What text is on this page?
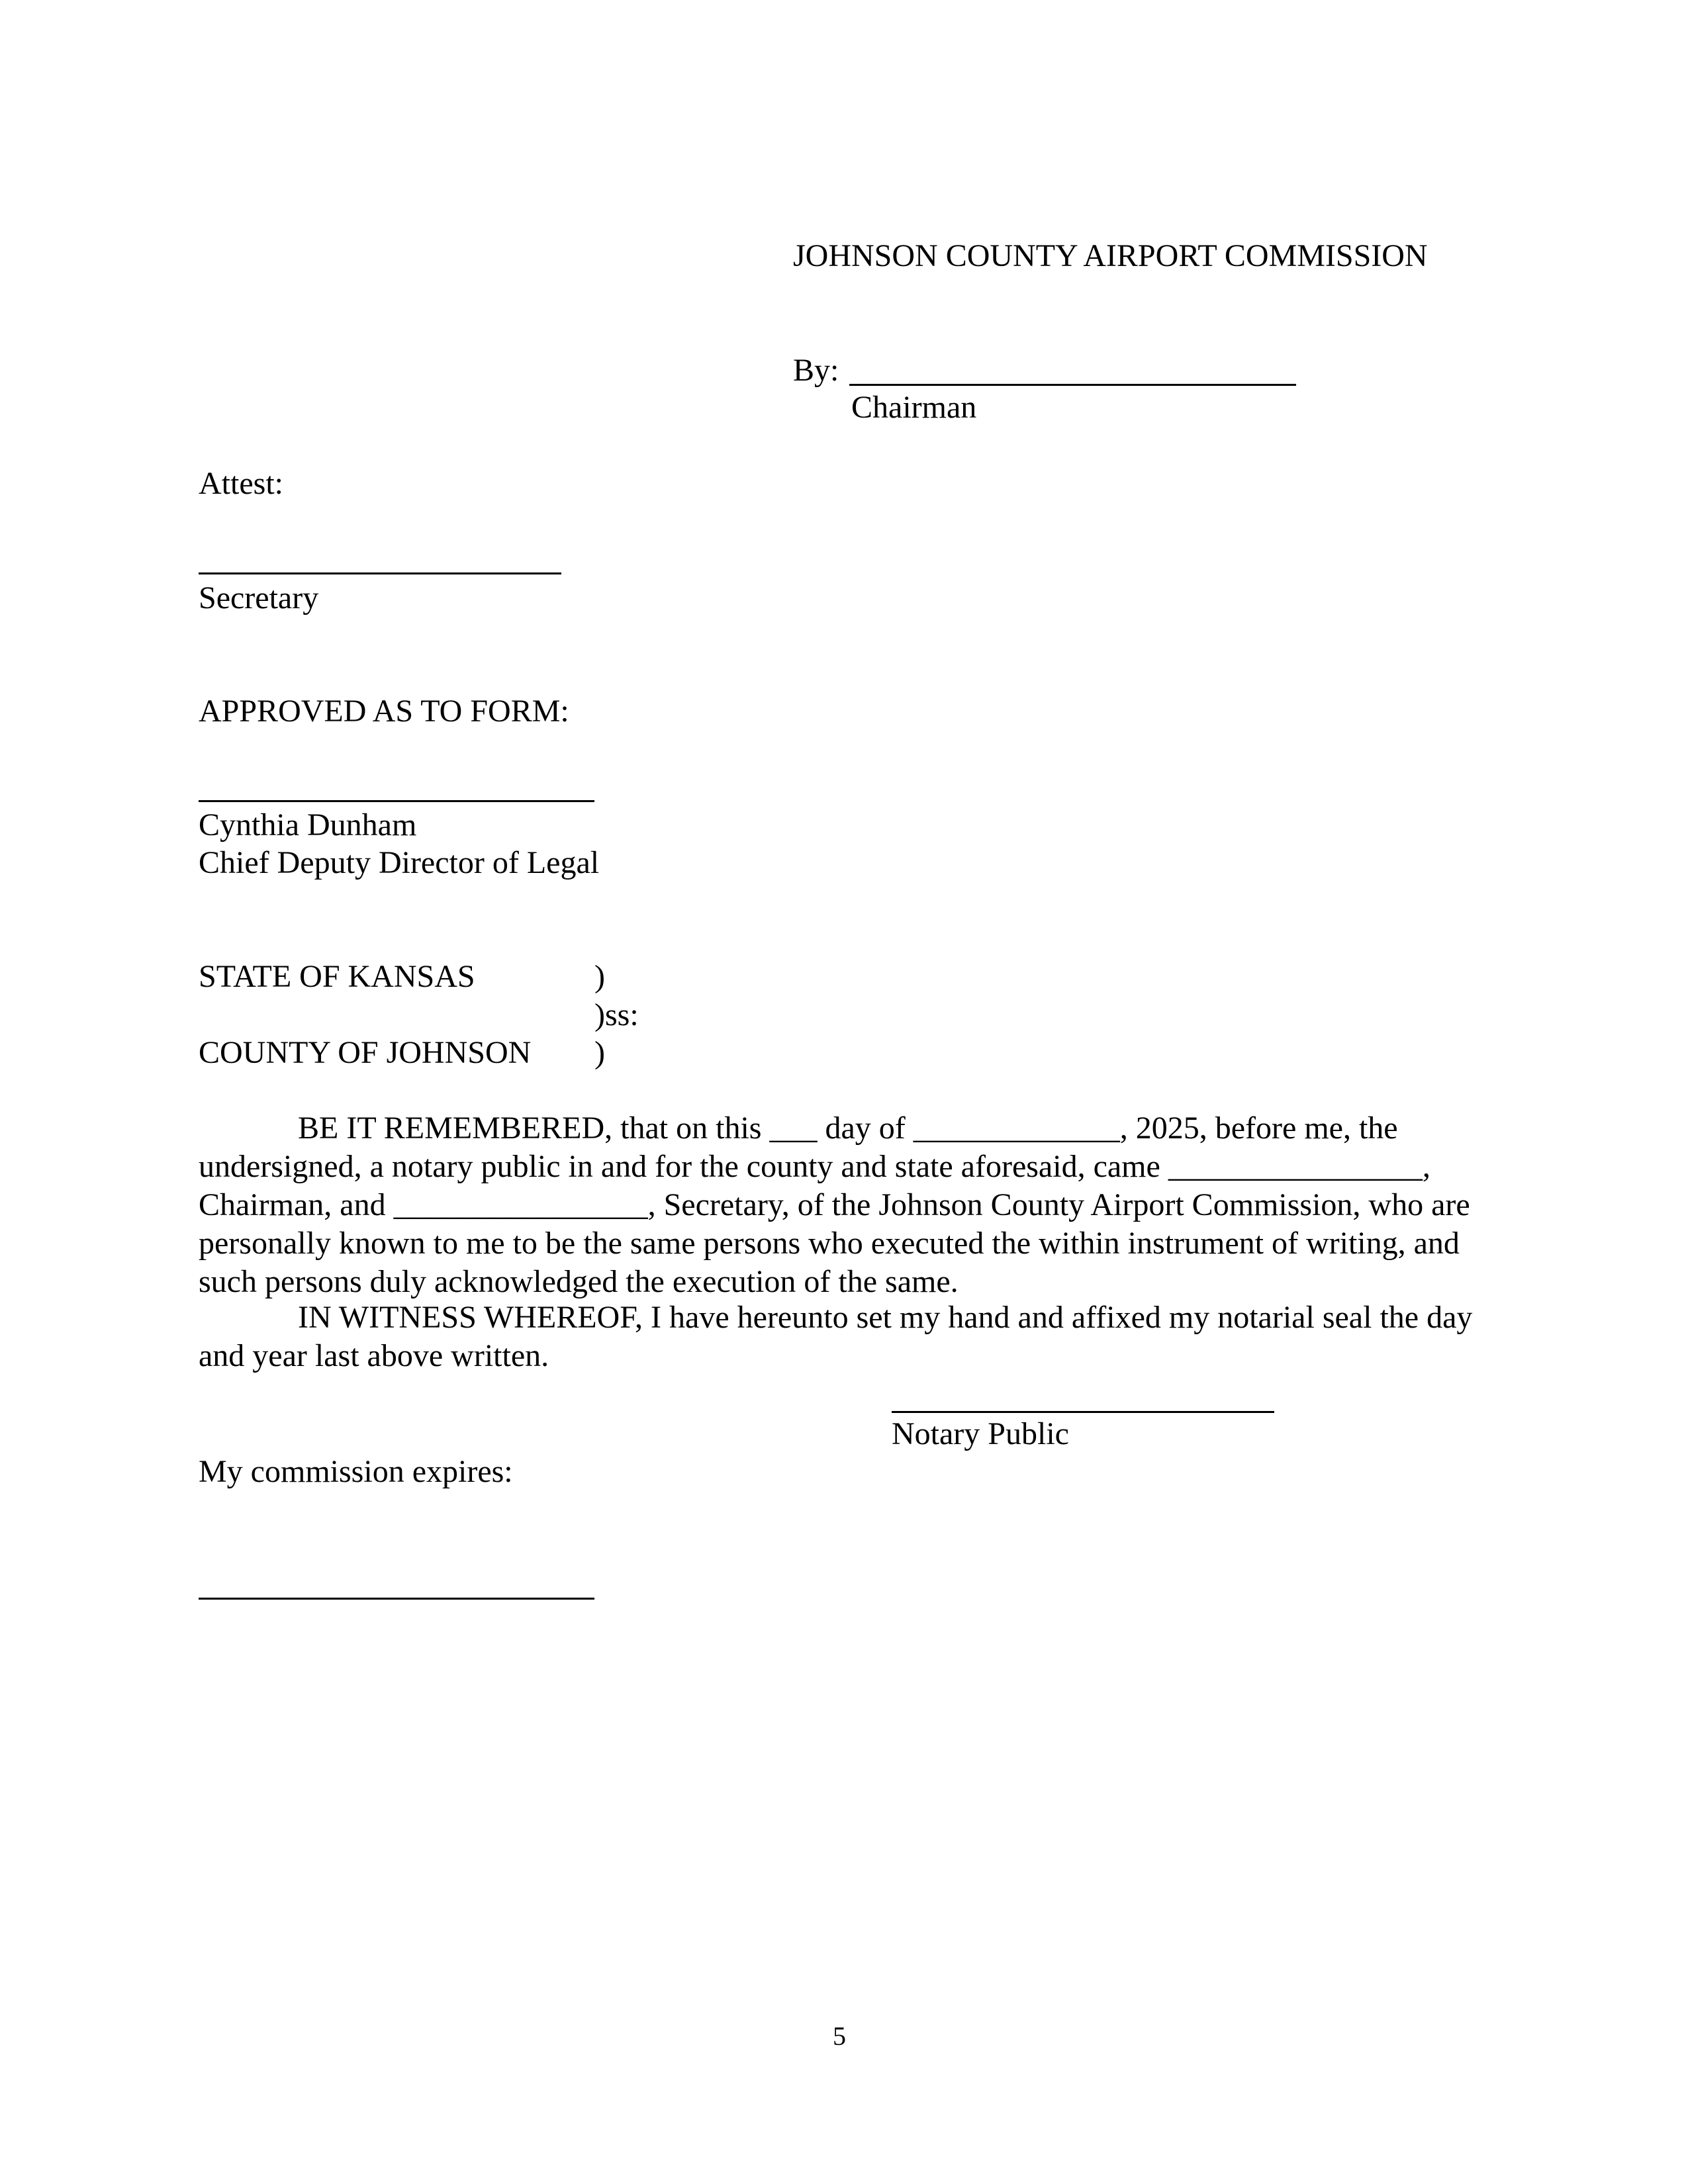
JOHNSON COUNTY AIRPORT COMMISSION
By:
Chairman
Attest:
Secretary
APPROVED AS TO FORM:
Cynthia Dunham
Chief Deputy Director of Legal
STATE OF KANSAS	)
)ss:
COUNTY OF JOHNSON )
BE IT REMEMBERED, that on this ___ day of _____________, 2025, before me, the undersigned, a notary public in and for the county and state aforesaid, came ________________, Chairman, and ________________, Secretary, of the Johnson County Airport Commission, who are personally known to me to be the same persons who executed the within instrument of writing, and such persons duly acknowledged the execution of the same.
IN WITNESS WHEREOF, I have hereunto set my hand and affixed my notarial seal the day and year last above written.
Notary Public
My commission expires:
5
